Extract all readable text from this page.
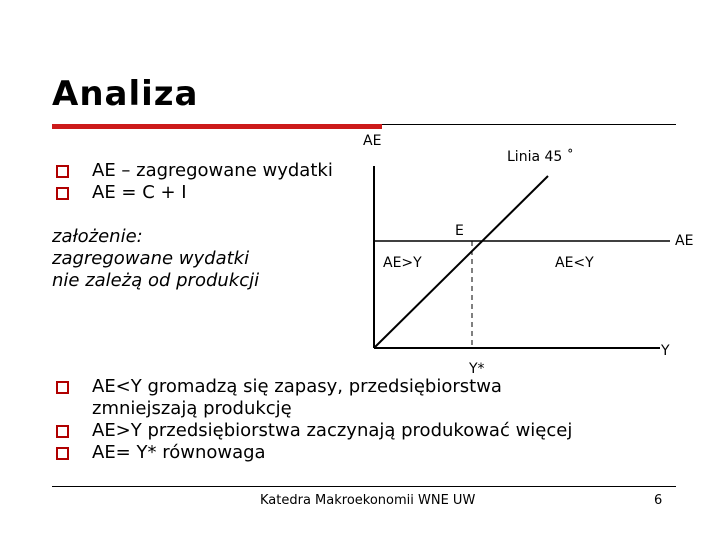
Analiza
AE – zagregowane wydatki
AE = C + I
założenie:
zagregowane wydatki
nie zależą od produkcji
AE
Linia 45 ˚
E
AE
AE>Y	AE<Y
Y
Y*
AE<Y gromadzą się zapasy, przedsiębiorstwa zmniejszają produkcję
AE>Y przedsiębiorstwa zaczynają produkować więcej
AE= Y* równowaga
Katedra Makroekonomii WNE UW	6
